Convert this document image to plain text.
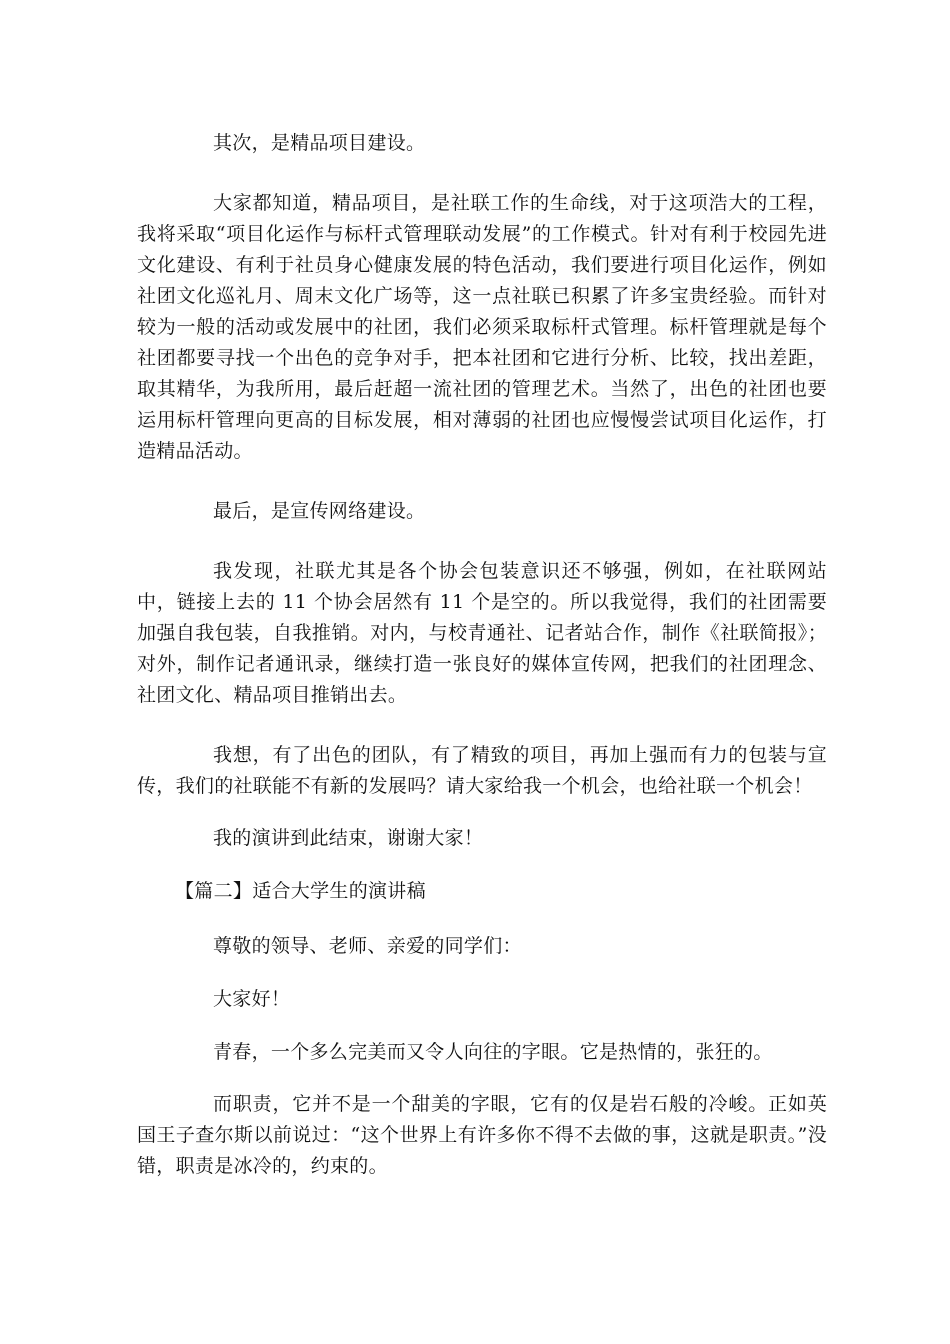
其次，是精品项目建设。

大家都知道，精品项目，是社联工作的生命线，对于这项浩大的工程，我将采取“项目化运作与标杆式管理联动发展”的工作模式。针对有利于校园先进文化建设、有利于社员身心健康发展的特色活动，我们要进行项目化运作，例如社团文化巡礼月、周末文化广场等，这一点社联已积累了许多宝贵经验。而针对较为一般的活动或发展中的社团，我们必须采取标杆式管理。标杆管理就是每个社团都要寻找一个出色的竞争对手，把本社团和它进行分析、比较，找出差距，取其精华，为我所用，最后赶超一流社团的管理艺术。当然了，出色的社团也要运用标杆管理向更高的目标发展，相对薄弱的社团也应慢慢尝试项目化运作，打造精品活动。

最后，是宣传网络建设。

我发现，社联尤其是各个协会包装意识还不够强，例如，在社联网站中，链接上去的 11 个协会居然有 11 个是空的。所以我觉得，我们的社团需要加强自我包装，自我推销。对内，与校青通社、记者站合作，制作《社联简报》；对外，制作记者通讯录，继续打造一张良好的媒体宣传网，把我们的社团理念、社团文化、精品项目推销出去。

我想，有了出色的团队，有了精致的项目，再加上强而有力的包装与宣传，我们的社联能不有新的发展吗？请大家给我一个机会，也给社联一个机会！

我的演讲到此结束，谢谢大家！

【篇二】适合大学生的演讲稿

尊敬的领导、老师、亲爱的同学们：

大家好！

青春，一个多么完美而又令人向往的字眼。它是热情的，张狂的。

而职责，它并不是一个甜美的字眼，它有的仅是岩石般的冷峻。正如英国王子查尔斯以前说过：“这个世界上有许多你不得不去做的事，这就是职责。”没错，职责是冰冷的，约束的。
